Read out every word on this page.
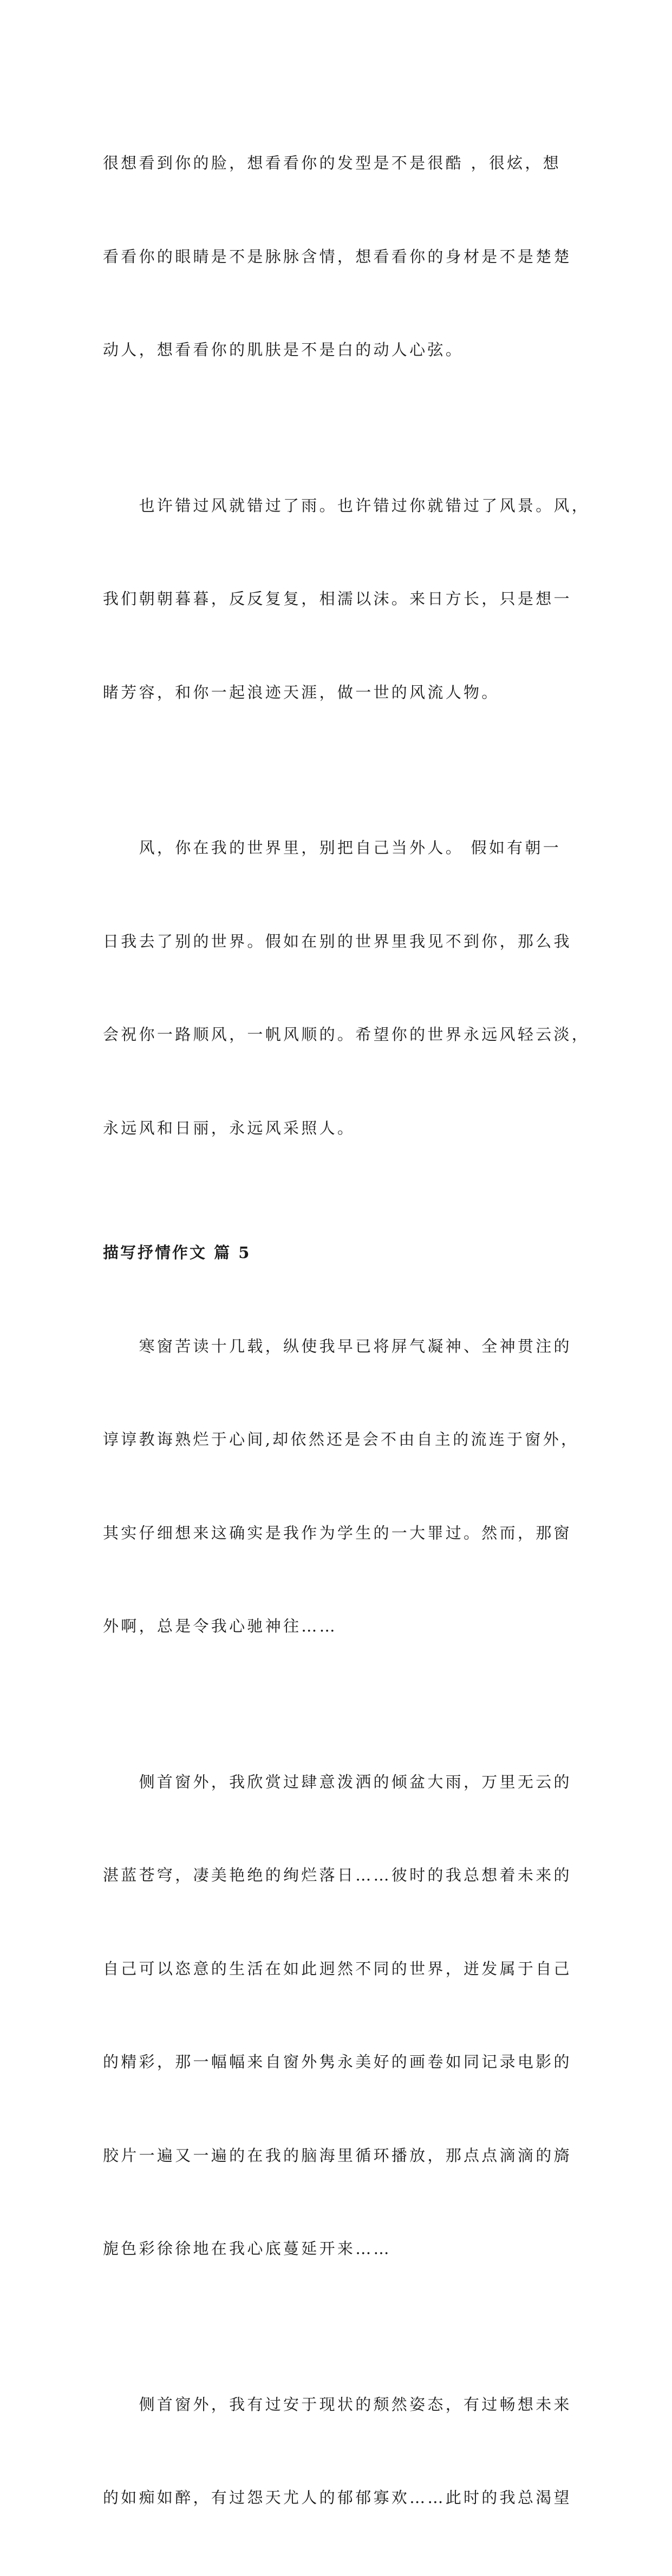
很想看到你的脸，想看看你的发型是不是很酷 ，很炫，想

看看你的眼睛是不是脉脉含情，想看看你的身材是不是楚楚

动人，想看看你的肌肤是不是白的动人心弦。

　　也许错过风就错过了雨。也许错过你就错过了风景。风，

我们朝朝暮暮，反反复复，相濡以沫。来日方长，只是想一

睹芳容，和你一起浪迹天涯，做一世的风流人物。

　　风，你在我的世界里，别把自己当外人。 假如有朝一

日我去了别的世界。假如在别的世界里我见不到你，那么我

会祝你一路顺风，一帆风顺的。希望你的世界永远风轻云淡，

永远风和日丽，永远风采照人。

描写抒情作文 篇 5

　　寒窗苦读十几载，纵使我早已将屏气凝神、全神贯注的

谆谆教诲熟烂于心间,却依然还是会不由自主的流连于窗外，

其实仔细想来这确实是我作为学生的一大罪过。然而，那窗

外啊，总是令我心驰神往……

　　侧首窗外，我欣赏过肆意泼洒的倾盆大雨，万里无云的

湛蓝苍穹，凄美艳绝的绚烂落日……彼时的我总想着未来的

自己可以恣意的生活在如此迥然不同的世界，迸发属于自己

的精彩，那一幅幅来自窗外隽永美好的画卷如同记录电影的

胶片一遍又一遍的在我的脑海里循环播放，那点点滴滴的旖

旎色彩徐徐地在我心底蔓延开来……

　　侧首窗外，我有过安于现状的颓然姿态，有过畅想未来

的如痴如醉，有过怨天尤人的郁郁寡欢……此时的我总渴望
